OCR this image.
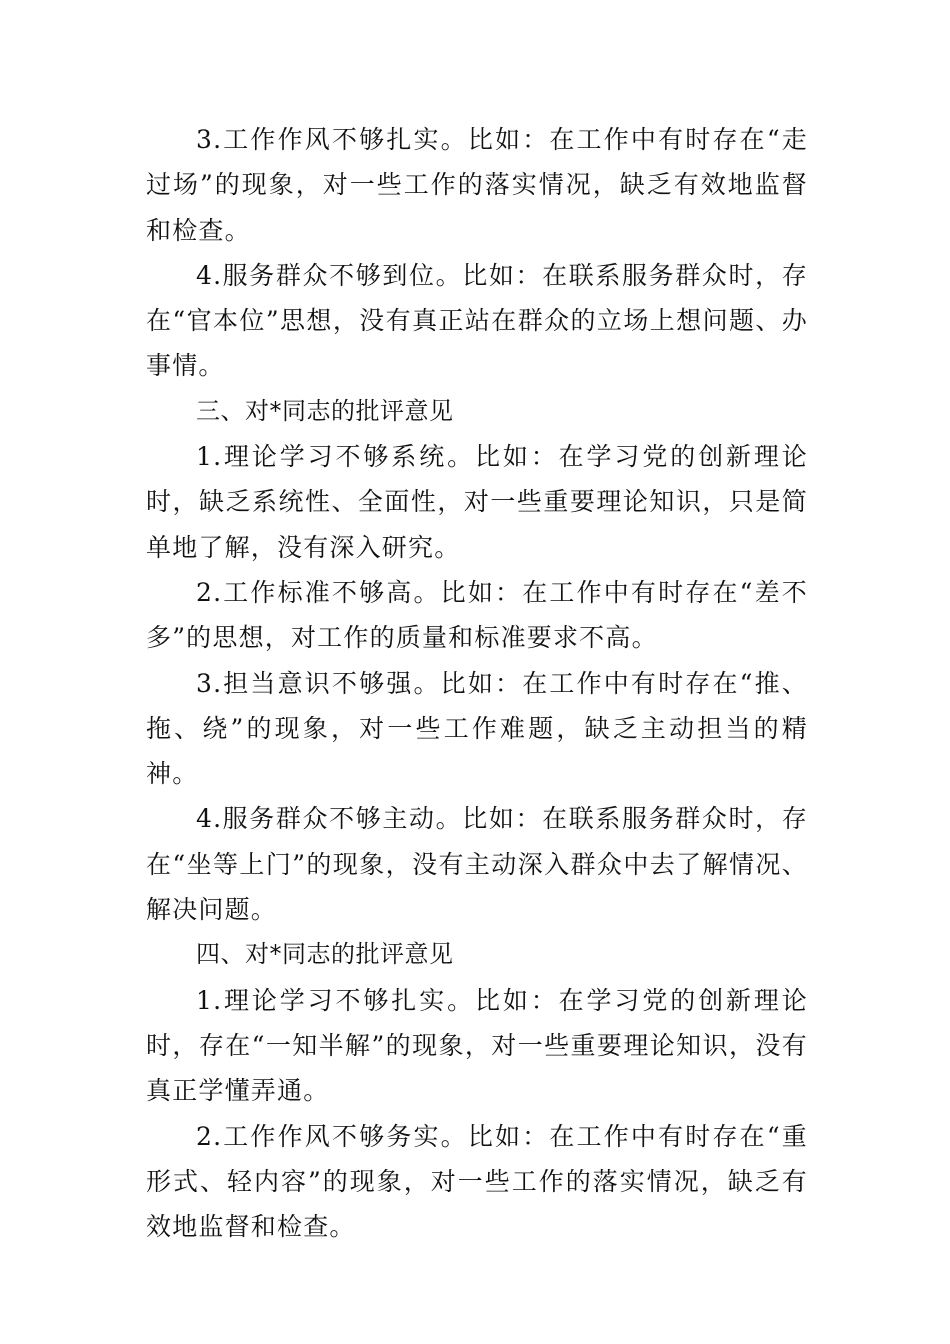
3.工作作风不够扎实。比如：在工作中有时存在“走过场”的现象，对一些工作的落实情况，缺乏有效地监督和检查。

4.服务群众不够到位。比如：在联系服务群众时，存在“官本位”思想，没有真正站在群众的立场上想问题、办事情。

三、对*同志的批评意见

1.理论学习不够系统。比如：在学习党的创新理论时，缺乏系统性、全面性，对一些重要理论知识，只是简单地了解，没有深入研究。

2.工作标准不够高。比如：在工作中有时存在“差不多”的思想，对工作的质量和标准要求不高。

3.担当意识不够强。比如：在工作中有时存在“推、拖、绕”的现象，对一些工作难题，缺乏主动担当的精神。

4.服务群众不够主动。比如：在联系服务群众时，存在“坐等上门”的现象，没有主动深入群众中去了解情况、解决问题。

四、对*同志的批评意见

1.理论学习不够扎实。比如：在学习党的创新理论时，存在“一知半解”的现象，对一些重要理论知识，没有真正学懂弄通。

2.工作作风不够务实。比如：在工作中有时存在“重形式、轻内容”的现象，对一些工作的落实情况，缺乏有效地监督和检查。
